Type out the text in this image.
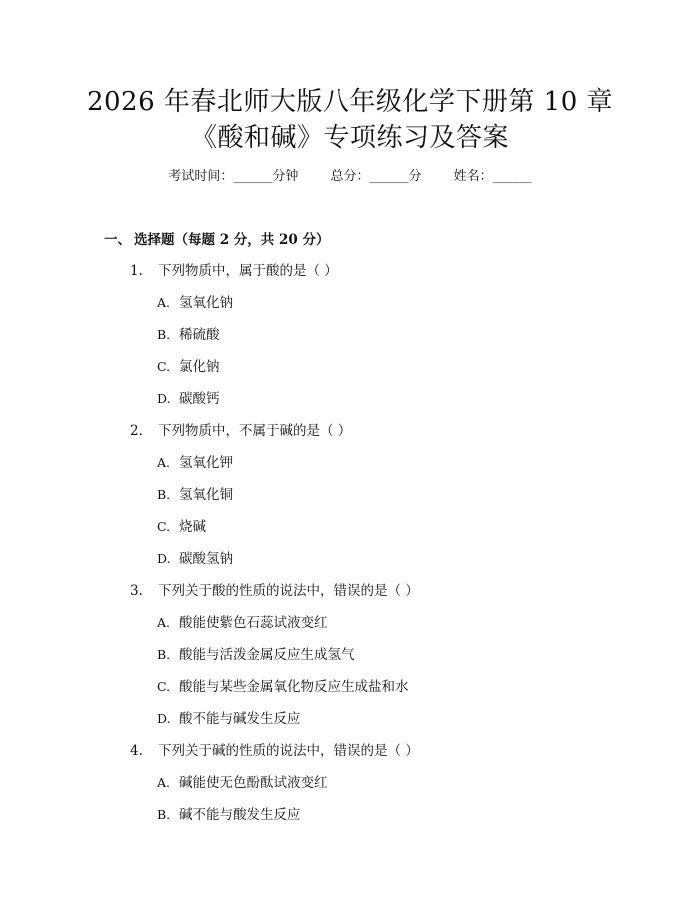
2026 年春北师大版八年级化学下册第 10 章
《酸和碱》专项练习及答案
考试时间：______分钟 总分：______分 姓名：______
一、 选择题（每题 2 分，共 20 分）
1. 下列物质中，属于酸的是（ ）
A. 氢氧化钠
B. 稀硫酸
C. 氯化钠
D. 碳酸钙
2. 下列物质中，不属于碱的是（ ）
A. 氢氧化钾
B. 氢氧化铜
C. 烧碱
D. 碳酸氢钠
3. 下列关于酸的性质的说法中，错误的是（ ）
A. 酸能使紫色石蕊试液变红
B. 酸能与活泼金属反应生成氢气
C. 酸能与某些金属氧化物反应生成盐和水
D. 酸不能与碱发生反应
4. 下列关于碱的性质的说法中，错误的是（ ）
A. 碱能使无色酚酞试液变红
B. 碱不能与酸发生反应
